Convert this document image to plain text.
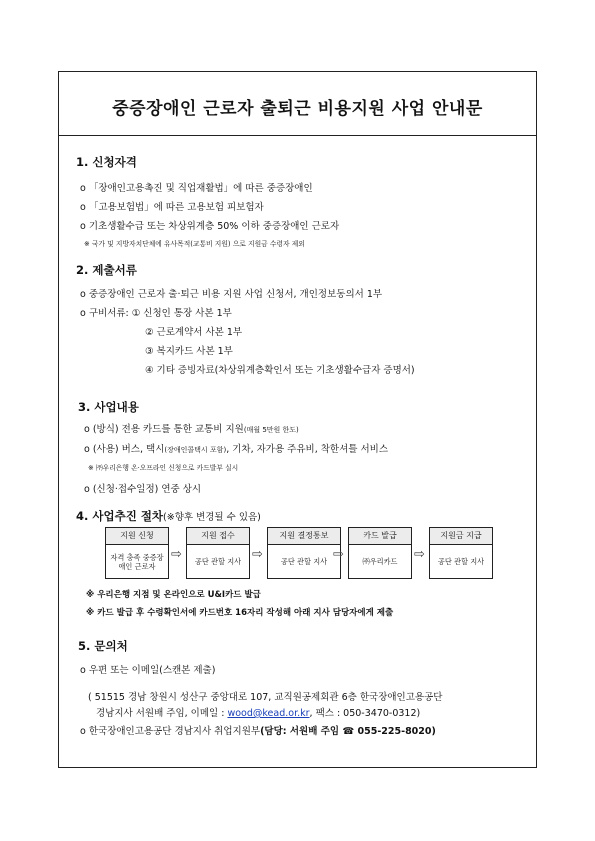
중증장애인 근로자 출퇴근 비용지원 사업 안내문

1. 신청자격
ο 「장애인고용촉진 및 직업재활법」에 따른 중증장애인
ο 「고용보험법」에 따른 고용보험 피보험자
ο 기초생활수급 또는 차상위계층 50% 이하 중증장애인 근로자
※ 국가 및 지방자치단체에 유사목적(교통비 지원) 으로 지원금 수령자 제외
2. 제출서류
ο 중증장애인 근로자 출·퇴근 비용 지원 사업 신청서, 개인정보동의서 1부
ο 구비서류: ① 신청인 통장 사본 1부
② 근로계약서 사본 1부
③ 복지카드 사본 1부
④ 기타 증빙자료(차상위계층확인서 또는 기초생활수급자 증명서)
3. 사업내용
ο (방식) 전용 카드를 통한 교통비 지원(매월 5만원 한도)
ο (사용) 버스, 택시(장애인콜택시 포함), 기차, 자가용 주유비, 착한셔틀 서비스
※ ㈜우리은행 온·오프라인 신청으로 카드발부 실시
ο (신청·접수일정) 연중 상시
4. 사업추진 절차(※향후 변경될 수 있음)
지원 신청
자격 충족 중증장애인 근로자
⇨
지원 접수
공단 관할 지사 ⇨
지원 결정통보
공단 관할 지사 ⇨
카드 발급
㈜우리카드	⇨
지원금 지급
공단 관할 지사
※ 우리은행 지점 및 온라인으로 U&I카드 발급
※ 카드 발급 후 수령확인서에 카드번호 16자리 작성해 아래 지사 담당자에게 제출
5. 문의처
ο 우편 또는 이메일(스캔본 제출)
( 51515 경남 창원시 성산구 중앙대로 107, 교직원공제회관 6층 한국장애인고용공단
경남지사 서원배 주임, 이메일 : wood@kead.or.kr, 팩스 : 050-3470-0312)
ο 한국장애인고용공단 경남지사 취업지원부(담당: 서원배 주임 ☎ 055-225-8020)
